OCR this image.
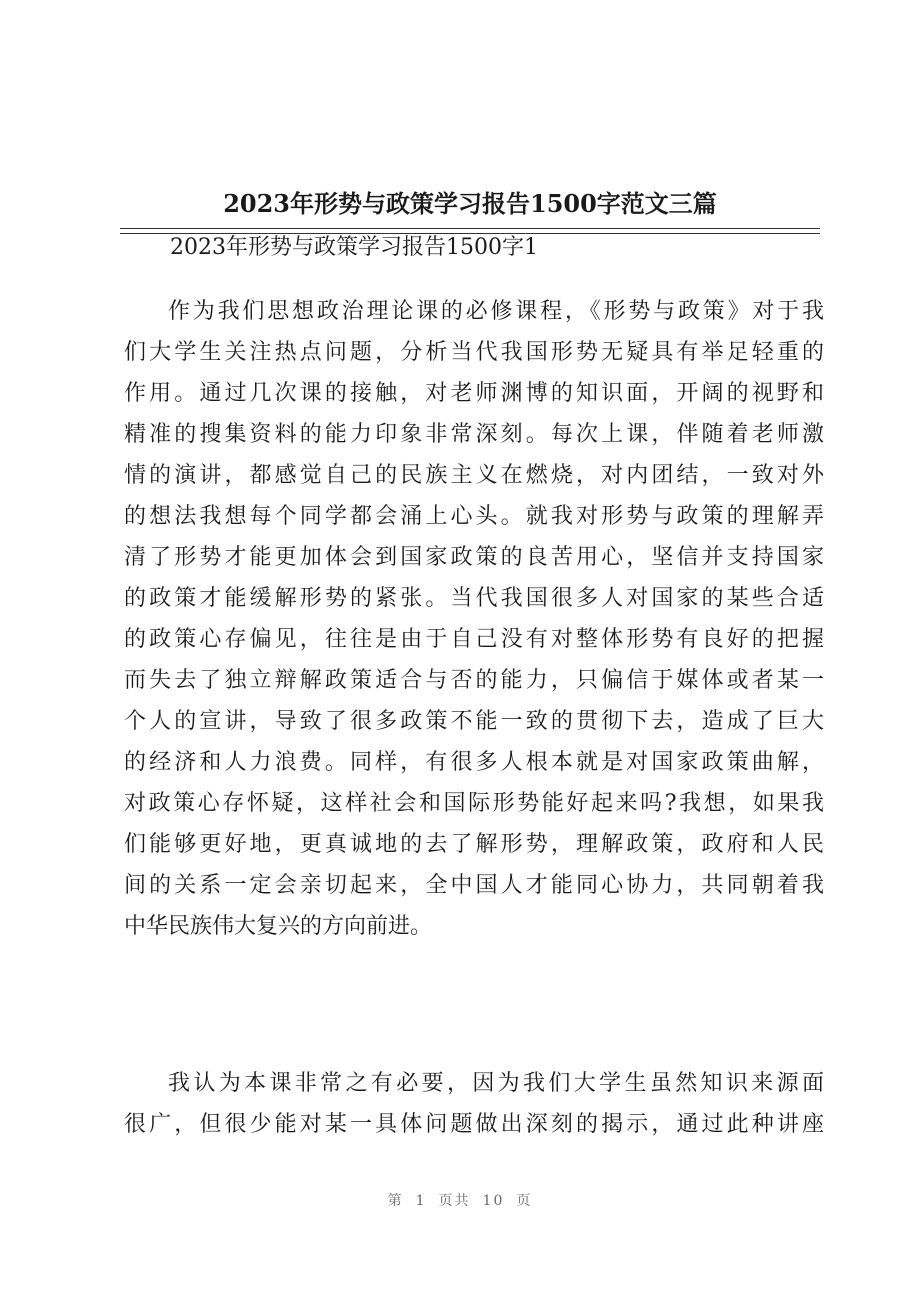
2023年形势与政策学习报告1500字范文三篇
2023年形势与政策学习报告1500字1
作为我们思想政治理论课的必修课程，《形势与政策》对于我
们大学生关注热点问题，分析当代我国形势无疑具有举足轻重的
作用。通过几次课的接触，对老师渊博的知识面，开阔的视野和
精准的搜集资料的能力印象非常深刻。每次上课，伴随着老师激
情的演讲，都感觉自己的民族主义在燃烧，对内团结，一致对外
的想法我想每个同学都会涌上心头。就我对形势与政策的理解弄
清了形势才能更加体会到国家政策的良苦用心，坚信并支持国家
的政策才能缓解形势的紧张。当代我国很多人对国家的某些合适
的政策心存偏见，往往是由于自己没有对整体形势有良好的把握
而失去了独立辩解政策适合与否的能力，只偏信于媒体或者某一
个人的宣讲，导致了很多政策不能一致的贯彻下去，造成了巨大
的经济和人力浪费。同样，有很多人根本就是对国家政策曲解，
对政策心存怀疑，这样社会和国际形势能好起来吗?我想，如果我
们能够更好地，更真诚地的去了解形势，理解政策，政府和人民
间的关系一定会亲切起来，全中国人才能同心协力，共同朝着我
中华民族伟大复兴的方向前进。
我认为本课非常之有必要，因为我们大学生虽然知识来源面
很广，但很少能对某一具体问题做出深刻的揭示，通过此种讲座
第 1 页共 10 页
